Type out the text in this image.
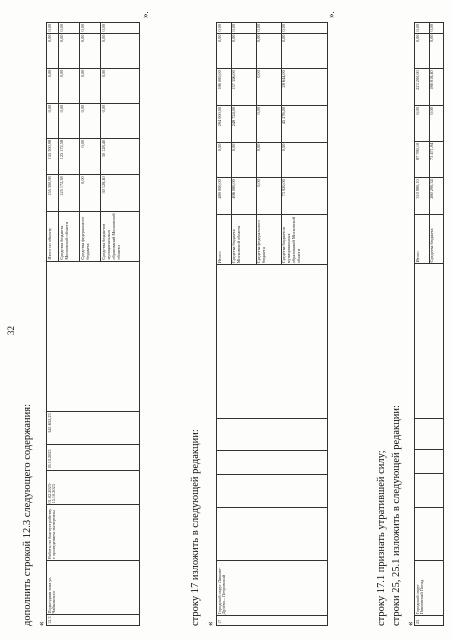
32
дополнить строкой 12.3 следующего содержания: « 12.3	Подъездная зона ул. Чайковского	Работы по благоустройству с проведением экспертизы	01.02.2023-15.10.2023	18.10.2023	341 652,23		Итого по объекту	155 300,98	155 300,98	0,00	0,00	0,00	0,00
							Средства бюджета Московской области	125 172,58	125 172,58	0,00	0,00	0,00	0,00
							Средства федерального бюджета	0,00	0,00	0,00	0,00	0,00	0,00
							Средства бюджетов муниципальных образований Московской области	30 128,40	30 128,40	0,00	0,00	0,00	0,00
».
строку 17 изложить в следующей редакции: « 17	Городской округ Ликино-Дулёво... Петровский						Итого:	480 000,00	0,00	294 000,00	186 000,00	0,00	0,00
							Средства бюджета Московской области	406 080,00	0,00	248 724,00	157 356,00	0,00	0,00
							Средства федерального бюджета	0,00	0,00	0,00	0,00	0,00	0,00
							Средства бюджетов муниципальных образований Московской области	73 920,00	0,00	45 276,00	28 644,00	0,00	0,00
».
строку 17.1 признать утратившей силу; строки 25, 25.1 изложить в следующей редакции: « 25	Городской округ Павловский Посад						Итого	310 980,10	87 780,10	0,00	223 200,00	0,00	0,00
							Средства бюджета	260 290,34	73 471,94	0,00	186 818,40	0,00	0,00
